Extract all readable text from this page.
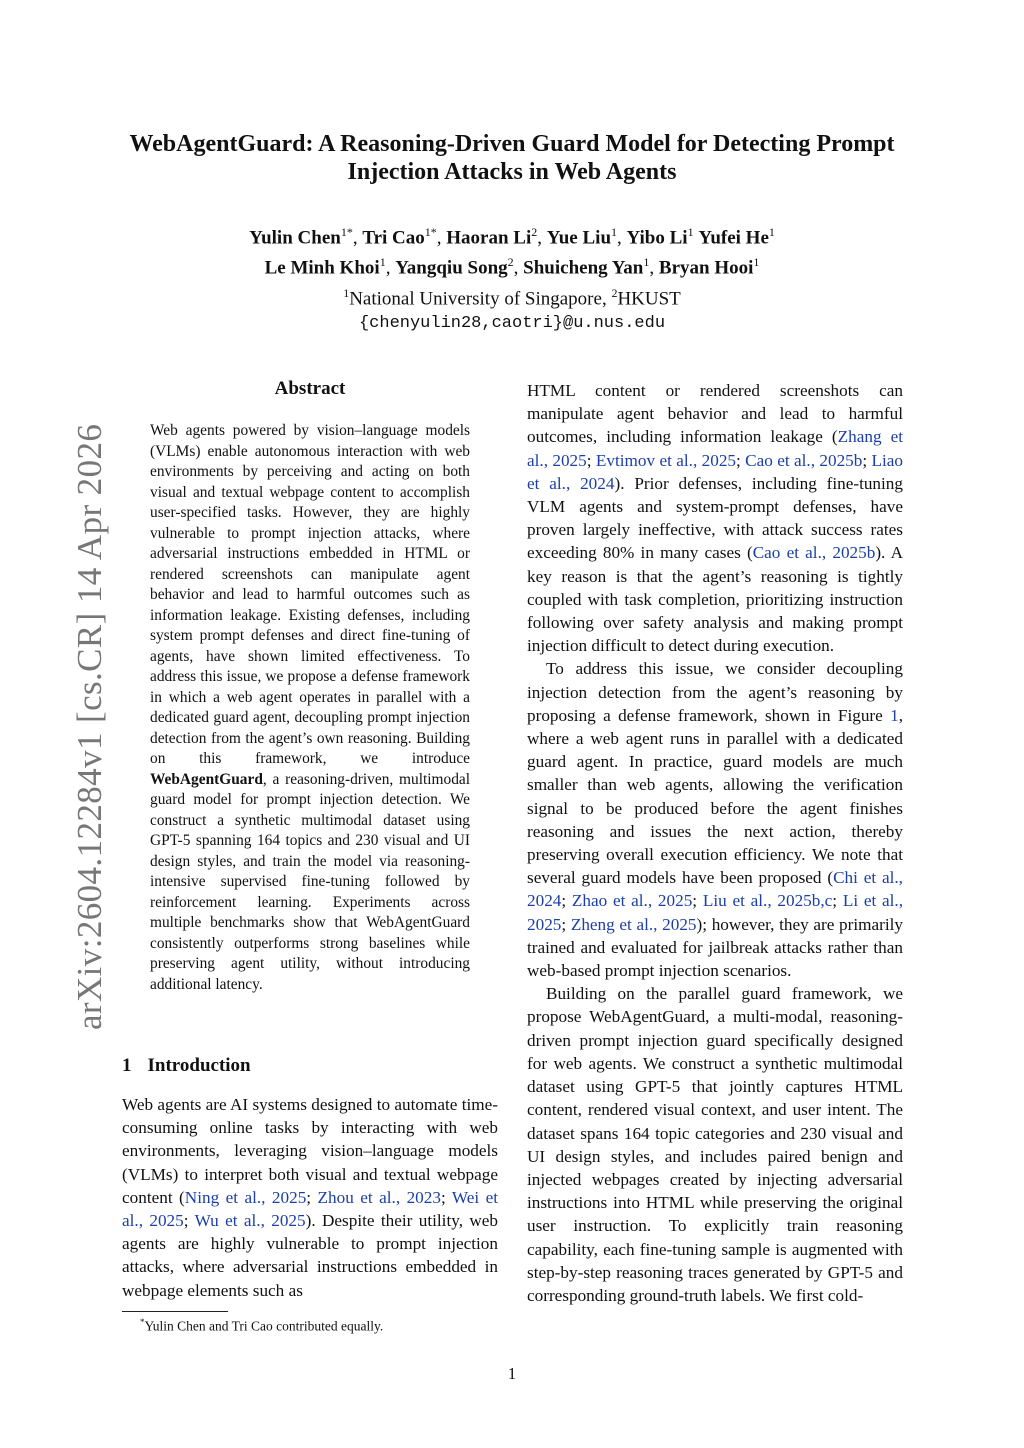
arXiv:2604.12284v1 [cs.CR] 14 Apr 2026
WebAgentGuard: A Reasoning-Driven Guard Model for Detecting Prompt Injection Attacks in Web Agents
Yulin Chen$^{1*}$, Tri Cao$^{1*}$, Haoran Li$^2$, Yue Liu$^1$, Yibo Li$^1$ Yufei He$^1$
Le Minh Khoi$^1$, Yangqiu Song$^2$, Shuicheng Yan$^1$, Bryan Hooi$^1$
$^1$National University of Singapore, $^2$HKUST
{chenyulin28,caotri}@u.nus.edu
Abstract
Web agents powered by vision–language models (VLMs) enable autonomous interaction with web environments by perceiving and acting on both visual and textual webpage content to accomplish user-specified tasks. However, they are highly vulnerable to prompt injection attacks, where adversarial instructions embedded in HTML or rendered screenshots can manipulate agent behavior and lead to harmful outcomes such as information leakage. Existing defenses, including system prompt defenses and direct fine-tuning of agents, have shown limited effectiveness. To address this issue, we propose a defense framework in which a web agent operates in parallel with a dedicated guard agent, decoupling prompt injection detection from the agent’s own reasoning. Building on this framework, we introduce WebAgentGuard, a reasoning-driven, multimodal guard model for prompt injection detection. We construct a synthetic multimodal dataset using GPT-5 spanning 164 topics and 230 visual and UI design styles, and train the model via reasoning-intensive supervised fine-tuning followed by reinforcement learning. Experiments across multiple benchmarks show that WebAgentGuard consistently outperforms strong baselines while preserving agent utility, without introducing additional latency.
1 Introduction
Web agents are AI systems designed to automate time-consuming online tasks by interacting with web environments, leveraging vision–language models (VLMs) to interpret both visual and textual webpage content (Ning et al., 2025; Zhou et al., 2023; Wei et al., 2025; Wu et al., 2025). Despite their utility, web agents are highly vulnerable to prompt injection attacks, where adversarial instructions embedded in webpage elements such as

HTML content or rendered screenshots can manipulate agent behavior and lead to harmful outcomes, including information leakage (Zhang et al., 2025; Evtimov et al., 2025; Cao et al., 2025b; Liao et al., 2024). Prior defenses, including fine-tuning VLM agents and system-prompt defenses, have proven largely ineffective, with attack success rates exceeding 80% in many cases (Cao et al., 2025b). A key reason is that the agent’s reasoning is tightly coupled with task completion, prioritizing instruction following over safety analysis and making prompt injection difficult to detect during execution.

To address this issue, we consider decoupling injection detection from the agent’s reasoning by proposing a defense framework, shown in Figure 1, where a web agent runs in parallel with a dedicated guard agent. In practice, guard models are much smaller than web agents, allowing the verification signal to be produced before the agent finishes reasoning and issues the next action, thereby preserving overall execution efficiency. We note that several guard models have been proposed (Chi et al., 2024; Zhao et al., 2025; Liu et al., 2025b,c; Li et al., 2025; Zheng et al., 2025); however, they are primarily trained and evaluated for jailbreak attacks rather than web-based prompt injection scenarios.

Building on the parallel guard framework, we propose WebAgentGuard, a multi-modal, reasoning-driven prompt injection guard specifically designed for web agents. We construct a synthetic multimodal dataset using GPT-5 that jointly captures HTML content, rendered visual context, and user intent. The dataset spans 164 topic categories and 230 visual and UI design styles, and includes paired benign and injected webpages created by injecting adversarial instructions into HTML while preserving the original user instruction. To explicitly train reasoning capability, each fine-tuning sample is augmented with step-by-step reasoning traces generated by GPT-5 and corresponding ground-truth labels. We first cold-

*Yulin Chen and Tri Cao contributed equally.
1
